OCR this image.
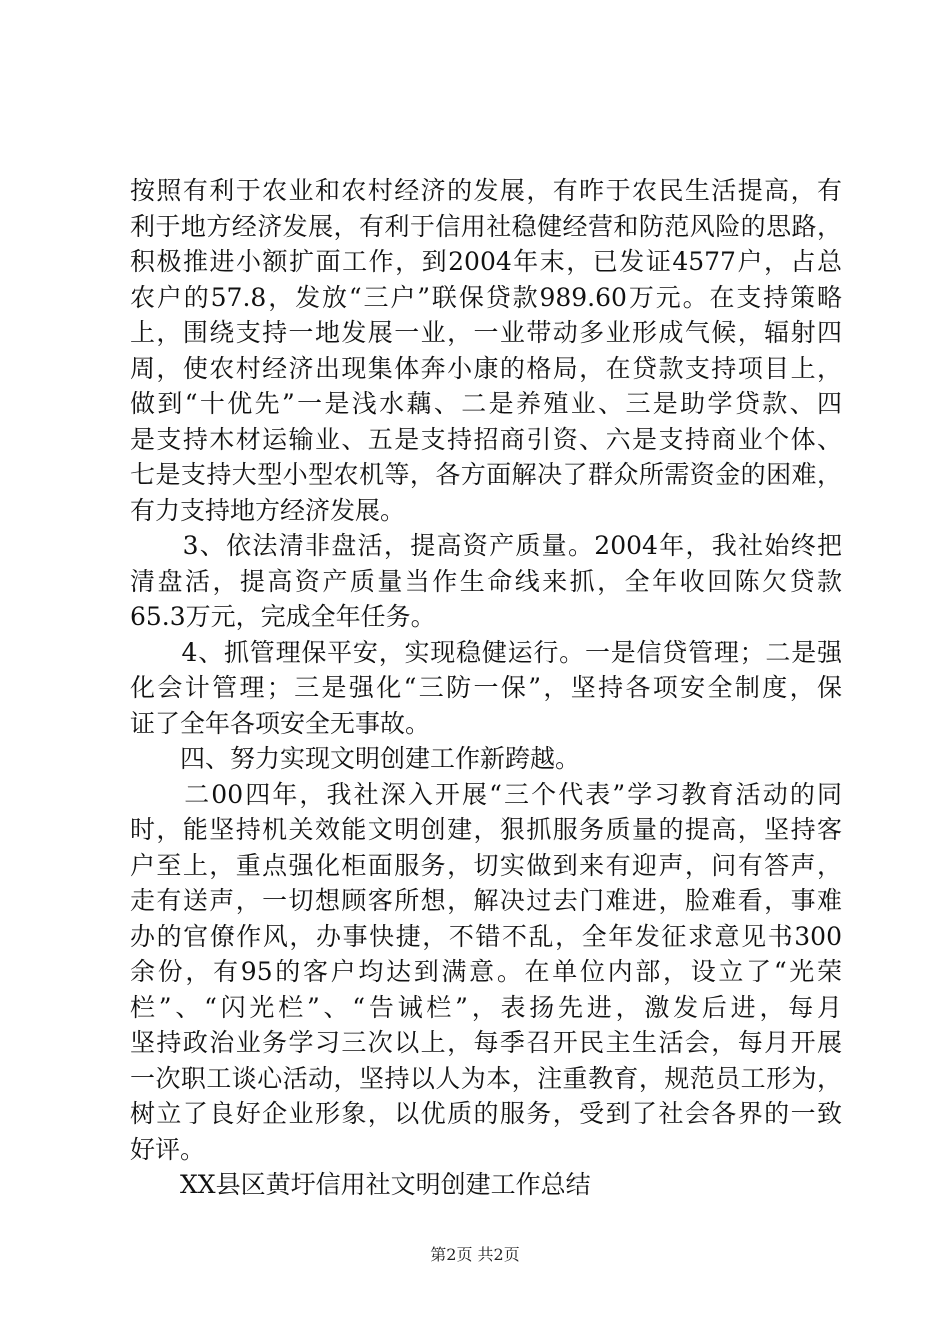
按照有利于农业和农村经济的发展，有昨于农民生活提高，有
利于地方经济发展，有利于信用社稳健经营和防范风险的思路，
积极推进小额扩面工作，到2004年末，已发证4577户，占总
农户的57.8，发放“三户”联保贷款989.60万元。在支持策略
上，围绕支持一地发展一业，一业带动多业形成气候，辐射四
周，使农村经济出现集体奔小康的格局，在贷款支持项目上，
做到“十优先”一是浅水藕、二是养殖业、三是助学贷款、四
是支持木材运输业、五是支持招商引资、六是支持商业个体、
七是支持大型小型农机等，各方面解决了群众所需资金的困难，
有力支持地方经济发展。
　　3、依法清非盘活，提高资产质量。2004年，我社始终把
清盘活，提高资产质量当作生命线来抓，全年收回陈欠贷款
65.3万元，完成全年任务。
　　4、抓管理保平安，实现稳健运行。一是信贷管理；二是强
化会计管理；三是强化“三防一保”，坚持各项安全制度，保
证了全年各项安全无事故。
　　四、努力实现文明创建工作新跨越。
　　二00四年，我社深入开展“三个代表”学习教育活动的同
时，能坚持机关效能文明创建，狠抓服务质量的提高，坚持客
户至上，重点强化柜面服务，切实做到来有迎声，问有答声，
走有送声，一切想顾客所想，解决过去门难进，脸难看，事难
办的官僚作风，办事快捷，不错不乱，全年发征求意见书300
余份，有95的客户均达到满意。在单位内部，设立了“光荣
栏”、“闪光栏”、“告诫栏”，表扬先进，激发后进，每月
坚持政治业务学习三次以上，每季召开民主生活会，每月开展
一次职工谈心活动，坚持以人为本，注重教育，规范员工形为，
树立了良好企业形象，以优质的服务，受到了社会各界的一致
好评。
　　XX县区黄圩信用社文明创建工作总结
第2页 共2页
